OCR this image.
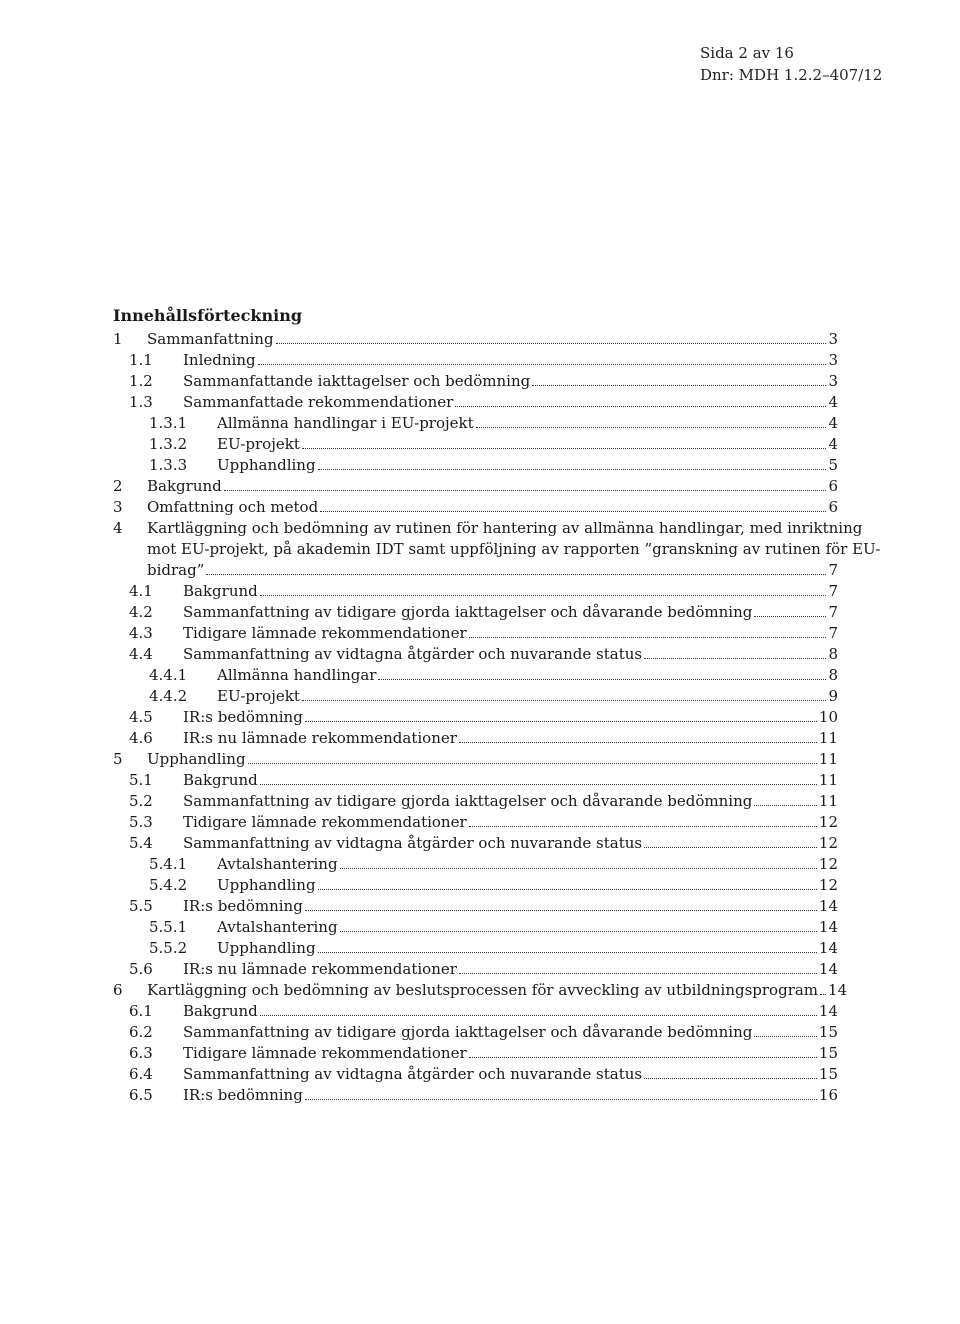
Sida 2 av 16
Dnr: MDH 1.2.2–407/12
Innehållsförteckning
1 Sammanfattning	3
1.1 Inledning	3
1.2 Sammanfattande iakttagelser och bedömning	3
1.3 Sammanfattade rekommendationer	4
1.3.1 Allmänna handlingar i EU-projekt	4
1.3.2 EU-projekt	4
1.3.3 Upphandling	5
2 Bakgrund	6
3 Omfattning och metod	6
4 Kartläggning och bedömning av rutinen för hantering av allmänna handlingar, med inriktning
mot EU-projekt, på akademin IDT samt uppföljning av rapporten ”granskning av rutinen för EU-
bidrag”	7
4.1 Bakgrund	7
4.2 Sammanfattning av tidigare gjorda iakttagelser och dåvarande bedömning	7
4.3 Tidigare lämnade rekommendationer	7
4.4 Sammanfattning av vidtagna åtgärder och nuvarande status	8
4.4.1 Allmänna handlingar	8
4.4.2 EU-projekt	9
4.5 IR:s bedömning	10
4.6 IR:s nu lämnade rekommendationer	11
5 Upphandling	11
5.1 Bakgrund	11
5.2 Sammanfattning av tidigare gjorda iakttagelser och dåvarande bedömning	11
5.3 Tidigare lämnade rekommendationer	12
5.4 Sammanfattning av vidtagna åtgärder och nuvarande status	12
5.4.1 Avtalshantering	12
5.4.2 Upphandling	12
5.5 IR:s bedömning	14
5.5.1 Avtalshantering	14
5.5.2 Upphandling	14
5.6 IR:s nu lämnade rekommendationer	14
6 Kartläggning och bedömning av beslutsprocessen för avveckling av utbildningsprogram 14
6.1 Bakgrund	14
6.2 Sammanfattning av tidigare gjorda iakttagelser och dåvarande bedömning	15
6.3 Tidigare lämnade rekommendationer	15
6.4 Sammanfattning av vidtagna åtgärder och nuvarande status	15
6.5 IR:s bedömning	16
